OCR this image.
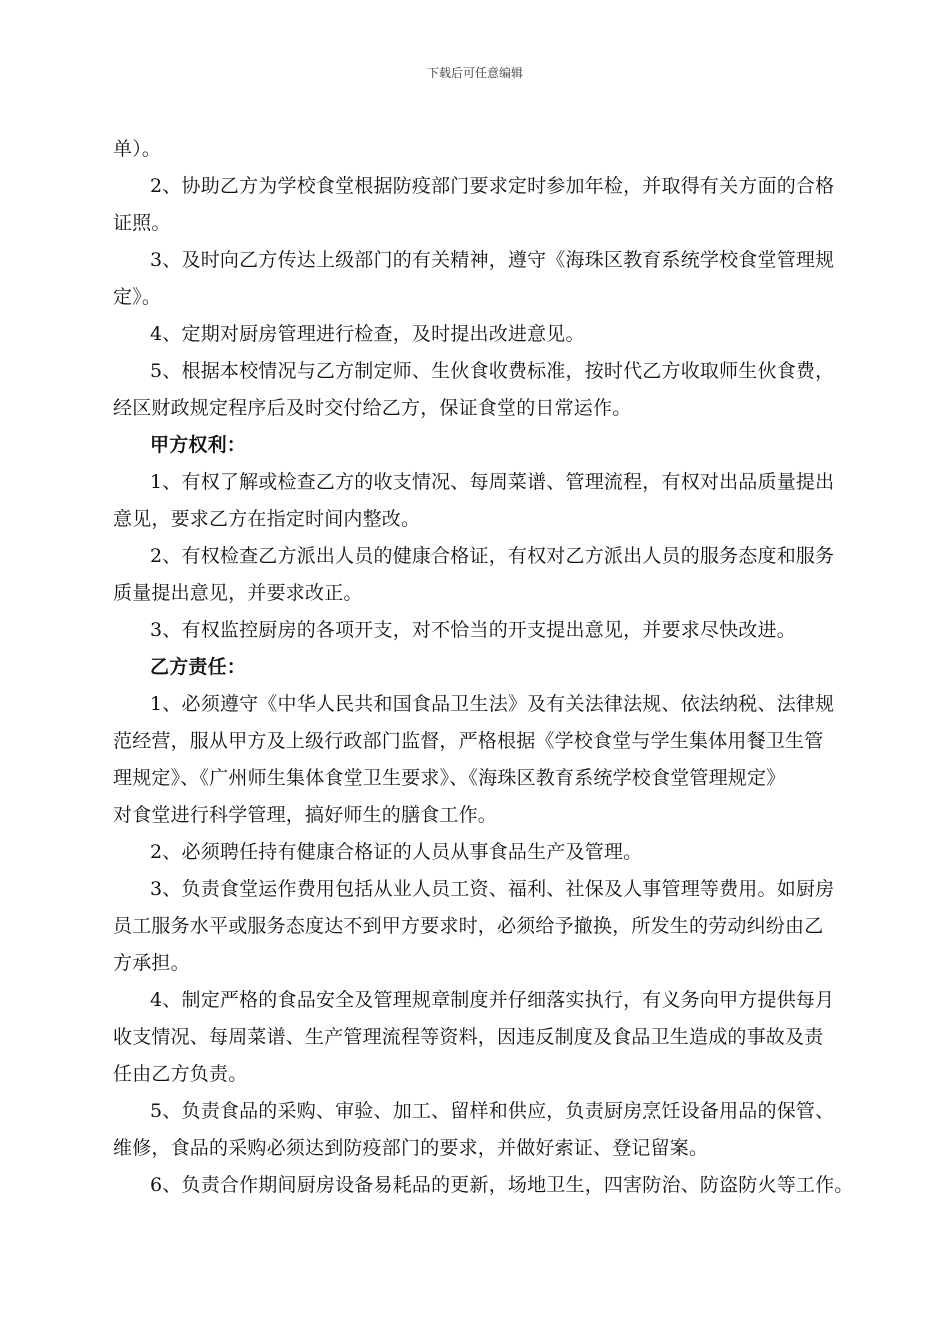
下载后可任意编辑
单）。
2、协助乙方为学校食堂根据防疫部门要求定时参加年检，并取得有关方面的合格
证照。
3、及时向乙方传达上级部门的有关精神，遵守《海珠区教育系统学校食堂管理规
定》。
4、定期对厨房管理进行检查，及时提出改进意见。
5、根据本校情况与乙方制定师、生伙食收费标准，按时代乙方收取师生伙食费，
经区财政规定程序后及时交付给乙方，保证食堂的日常运作。
甲方权利：
1、有权了解或检查乙方的收支情况、每周菜谱、管理流程，有权对出品质量提出
意见，要求乙方在指定时间内整改。
2、有权检查乙方派出人员的健康合格证，有权对乙方派出人员的服务态度和服务
质量提出意见，并要求改正。
3、有权监控厨房的各项开支，对不恰当的开支提出意见，并要求尽快改进。
乙方责任：
1、必须遵守《中华人民共和国食品卫生法》及有关法律法规、依法纳税、法律规
范经营，服从甲方及上级行政部门监督，严格根据《学校食堂与学生集体用餐卫生管
理规定》、《广州师生集体食堂卫生要求》、《海珠区教育系统学校食堂管理规定》
对食堂进行科学管理，搞好师生的膳食工作。
2、必须聘任持有健康合格证的人员从事食品生产及管理。
3、负责食堂运作费用包括从业人员工资、福利、社保及人事管理等费用。如厨房
员工服务水平或服务态度达不到甲方要求时，必须给予撤换，所发生的劳动纠纷由乙
方承担。
4、制定严格的食品安全及管理规章制度并仔细落实执行，有义务向甲方提供每月
收支情况、每周菜谱、生产管理流程等资料，因违反制度及食品卫生造成的事故及责
任由乙方负责。
5、负责食品的采购、审验、加工、留样和供应，负责厨房烹饪设备用品的保管、
维修，食品的采购必须达到防疫部门的要求，并做好索证、登记留案。
6、负责合作期间厨房设备易耗品的更新，场地卫生，四害防治、防盗防火等工作。
